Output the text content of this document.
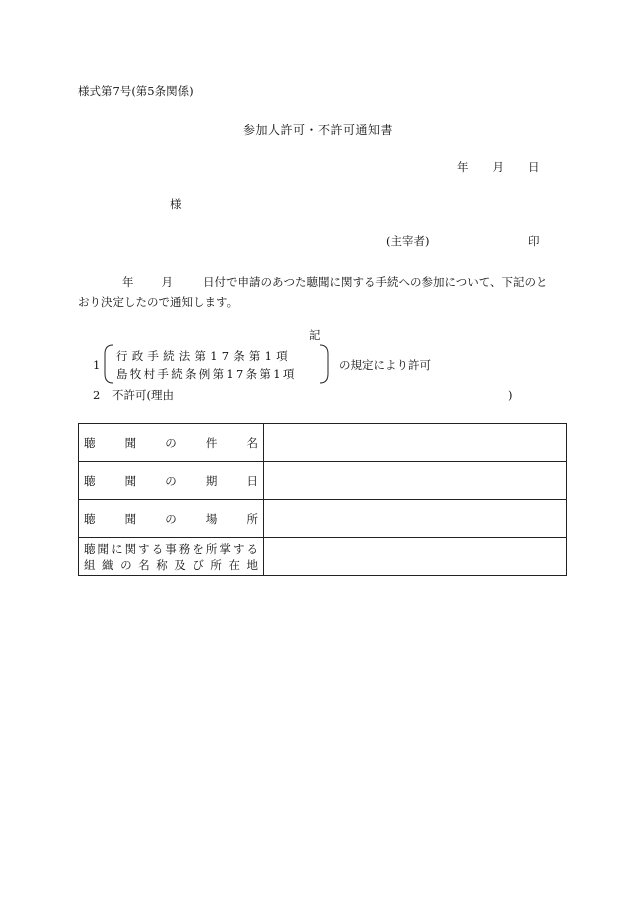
様式第7号(第5条関係)
参加人許可・不許可通知書
年 月 日
様
(主宰者)	印
年 月	日付で申請のあつた聴聞に関する手続への参加について、下記のと
おり決定したので通知します。
記
1
行政手続法第17条第1項
島牧村手続条例第17条第1項
の規定により許可
2 不許可(理由	)
聴聞の件名	
聴聞の期日	
聴聞の場所	

聴聞に関する事務を所掌する
組織の名称及び所在地	
